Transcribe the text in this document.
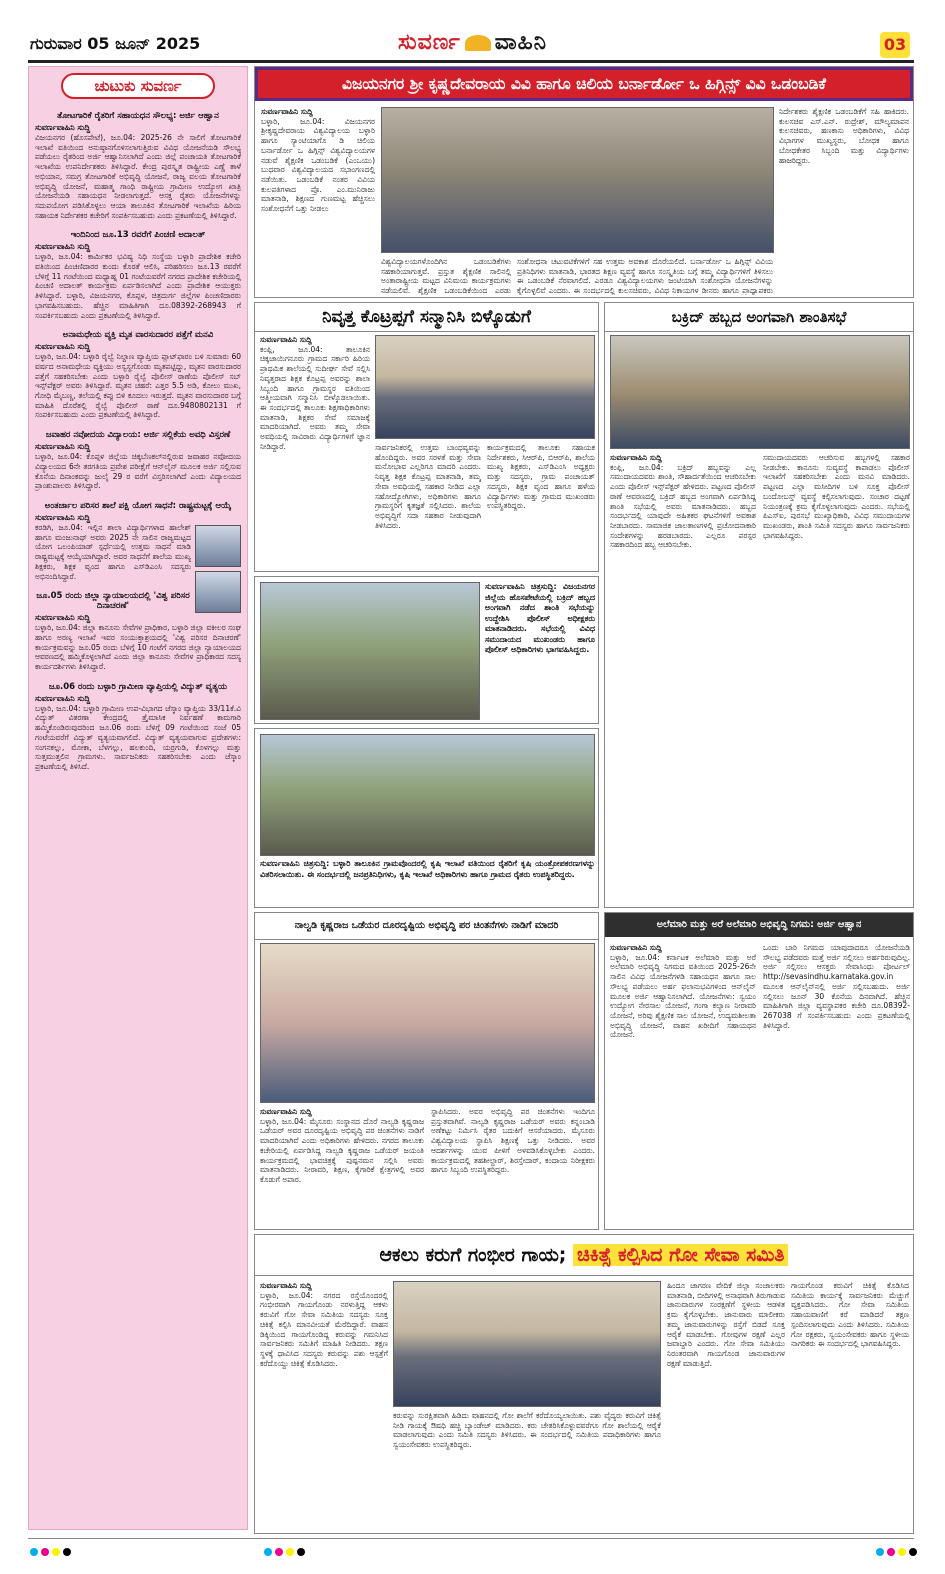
ಗುರುವಾರ 05 ಜೂನ್ 2025	ಸುವರ್ಣ ವಾಹಿನಿ	03
ಚುಟುಕು ಸುವರ್ಣ
ತೋಟಗಾರಿಕೆ ರೈತರಿಗೆ ಸಹಾಯಧನ ಸೌಲಭ್ಯ: ಅರ್ಜಿ ಆಹ್ವಾನ
ಸುವರ್ಣವಾಹಿನಿ ಸುದ್ದಿ
ವಿಜಯನಗರ (ಹೊಸಪೇಟೆ), ಜೂ.04: 2025-26 ನೇ ಸಾಲಿಗೆ ತೋಟಗಾರಿಕೆ ಇಲಾಖೆ ವತಿಯಿಂದ ಅನುಷ್ಠಾನಗೊಳಿಸಲಾಗುತ್ತಿರುವ ವಿವಿಧ ಯೋಜನೆಯಡಿ ಸೌಲಭ್ಯ ಪಡೆಯಲು ರೈತರಿಂದ ಅರ್ಜಿ ಆಹ್ವಾನಿಸಲಾಗಿದೆ ಎಂದು ಜಿಲ್ಲೆ ಪಂಚಾಯತಿ ತೋಟಗಾರಿಕೆ ಇಲಾಖೆಯ ಉಪನಿರ್ದೇಶಕರು ತಿಳಿಸಿದ್ದಾರೆ. ಕೇಂದ್ರ ಪುರಸ್ಕೃತ ರಾಷ್ಟ್ರೀಯ ಎಣ್ಣೆ ತಾಳೆ ಅಭಿಯಾನ, ಸಮಗ್ರ ತೋಟಗಾರಿಕೆ ಅಭಿವೃದ್ಧಿ ಯೋಜನೆ, ರಾಜ್ಯ ವಲಯ ತೋಟಗಾರಿಕೆ ಅಭಿವೃದ್ಧಿ ಯೋಜನೆ, ಮಹಾತ್ಮ ಗಾಂಧಿ ರಾಷ್ಟ್ರೀಯ ಗ್ರಾಮೀಣ ಉದ್ಯೋಗ ಖಾತ್ರಿ ಯೋಜನೆಯಡಿ ಸಹಾಯಧನ ನೀಡಲಾಗುತ್ತದೆ. ಆಸಕ್ತ ರೈತರು ಯೋಜನೆಗಳನ್ನು ಸದುಪಯೋಗ ಪಡಿಸಿಕೊಳ್ಳಲು ಆಯಾ ತಾಲೂಕಿನ ತೋಟಗಾರಿಕೆ ಇಲಾಖೆಯ ಹಿರಿಯ ಸಹಾಯಕ ನಿರ್ದೇಶಕರ ಕಚೇರಿಗೆ ಸಂಪರ್ಕಿಸಬಹುದು ಎಂದು ಪ್ರಕಟಣೆಯಲ್ಲಿ ತಿಳಿಸಿದ್ದಾರೆ.
ಇಂದಿನಿಂದ ಜೂ.13 ರವರೆಗೆ ಪಿಂಚಣಿ ಅದಾಲತ್
ಸುವರ್ಣವಾಹಿನಿ ಸುದ್ದಿ
ಬಳ್ಳಾರಿ, ಜೂ.04: ಕಾರ್ಮಿಕರ ಭವಿಷ್ಯ ನಿಧಿ ಸಂಸ್ಥೆಯ ಬಳ್ಳಾರಿ ಪ್ರಾದೇಶಿಕ ಕಚೇರಿ ವತಿಯಿಂದ ಪಿಂಚಣಿದಾರರ ಕುಂದು ಕೊರತೆ ಆಲಿಸಿ, ಪರಿಹರಿಸಲು ಜೂ.13 ರವರೆಗೆ ಬೆಳಿಗ್ಗೆ 11 ಗಂಟೆಯಿಂದ ಮಧ್ಯಾಹ್ನ 01 ಗಂಟೆಯವರೆಗೆ ನಗರದ ಪ್ರಾದೇಶಿಕ ಕಚೇರಿಯಲ್ಲಿ ಪಿಂಚಣಿ ಅದಾಲತ್ ಕಾರ್ಯಕ್ರಮ ಏರ್ಪಡಿಸಲಾಗಿದೆ ಎಂದು ಪ್ರಾದೇಶಿಕ ಆಯುಕ್ತರು ತಿಳಿಸಿದ್ದಾರೆ. ಬಳ್ಳಾರಿ, ವಿಜಯನಗರ, ಕೊಪ್ಪಳ, ಚಿತ್ರದುರ್ಗ ಜಿಲ್ಲೆಗಳ ಪಿಂಚಣಿದಾರರು ಭಾಗವಹಿಸಬಹುದು. ಹೆಚ್ಚಿನ ಮಾಹಿತಿಗಾಗಿ ದೂ.08392-268943 ಗೆ ಸಂಪರ್ಕಿಸಬಹುದು ಎಂದು ಪ್ರಕಟಣೆಯಲ್ಲಿ ತಿಳಿಸಿದ್ದಾರೆ.
ಅನಾಮಧೇಯ ವ್ಯಕ್ತಿ ಮೃತ ವಾರಸುದಾರರ ಪತ್ತೆಗೆ ಮನವಿ
ಸುವರ್ಣವಾಹಿನಿ ಸುದ್ದಿ
ಬಳ್ಳಾರಿ, ಜೂ.04: ಬಳ್ಳಾರಿ ರೈಲ್ವೆ ನಿಲ್ದಾಣ ವ್ಯಾಪ್ತಿಯ ಪ್ಲಾಟ್‌ಫಾರಂ ಬಳಿ ಸುಮಾರು 60 ವರ್ಷದ ಅನಾಮಧೇಯ ವ್ಯಕ್ತಿಯು ಅಸ್ವಸ್ಥಗೊಂಡು ಮೃತಪಟ್ಟಿದ್ದು, ಮೃತನ ವಾರಸುದಾರರ ಪತ್ತೆಗೆ ಸಹಕರಿಸಬೇಕು ಎಂದು ಬಳ್ಳಾರಿ ರೈಲ್ವೆ ಪೊಲೀಸ್ ಠಾಣೆಯ ಪೊಲೀಸ್ ಸಬ್ ಇನ್ಸ್‌ಪೆಕ್ಟರ್ ಅವರು ತಿಳಿಸಿದ್ದಾರೆ. ಮೃತನ ಚಹರೆ: ಎತ್ತರ 5.5 ಅಡಿ, ಕೋಲು ಮುಖ, ಗೋಧಿ ಮೈಬಣ್ಣ, ತಲೆಯಲ್ಲಿ ಕಪ್ಪು ಬಿಳಿ ಕೂದಲು ಇರುತ್ತದೆ. ಮೃತನ ವಾರಸುದಾರರ ಬಗ್ಗೆ ಮಾಹಿತಿ ದೊರೆತಲ್ಲಿ ರೈಲ್ವೆ ಪೊಲೀಸ್ ಠಾಣೆ ದೂ.9480802131 ಗೆ ಸಂಪರ್ಕಿಸಬಹುದು ಎಂದು ಪ್ರಕಟಣೆಯಲ್ಲಿ ತಿಳಿಸಿದ್ದಾರೆ.
ಜವಾಹರ ನವೋದಯ ವಿದ್ಯಾಲಯ: ಅರ್ಜಿ ಸಲ್ಲಿಕೆಯ ಅವಧಿ ವಿಸ್ತರಣೆ
ಸುವರ್ಣವಾಹಿನಿ ಸುದ್ದಿ
ಬಳ್ಳಾರಿ, ಜೂ.04: ಕೊಪ್ಪಳ ಜಿಲ್ಲೆಯ ಚಿಕ್ಕಬೆಣಕಲ್‌ನಲ್ಲಿರುವ ಜವಾಹರ ನವೋದಯ ವಿದ್ಯಾಲಯದ 6ನೇ ತರಗತಿಯ ಪ್ರವೇಶ ಪರೀಕ್ಷೆಗೆ ಆನ್‌ಲೈನ್ ಮೂಲಕ ಅರ್ಜಿ ಸಲ್ಲಿಸುವ ಕೊನೆಯ ದಿನಾಂಕವನ್ನು ಜುಲೈ 29 ರ ವರೆಗೆ ವಿಸ್ತರಿಸಲಾಗಿದೆ ಎಂದು ವಿದ್ಯಾಲಯದ ಪ್ರಾಂಶುಪಾಲರು ತಿಳಿಸಿದ್ದಾರೆ.
ಅಂತರ್ಜಾಲ ಪರಿಸರ ಶಾಲೆ ಪಕ್ಷಿ ಯೋಗ ಸಾಧನೆ: ರಾಷ್ಟ್ರಮಟ್ಟಕ್ಕೆ ಆಯ್ಕೆ
ಸುವರ್ಣವಾಹಿನಿ ಸುದ್ದಿ
ಕರಡಿಗಿ, ಜೂ.04: ಇಲ್ಲಿನ ಶಾಲಾ ವಿದ್ಯಾರ್ಥಿಗಳಾದ ಹಾಲೇಶ್ ಹಾಗೂ ಮಂಜುನಾಥ್ ಅವರು 2025 ನೇ ಸಾಲಿನ ರಾಜ್ಯಮಟ್ಟದ ಯೋಗ ಒಲಂಪಿಯಾಡ್ ಸ್ಪರ್ಧೆಯಲ್ಲಿ ಉತ್ತಮ ಸಾಧನೆ ಮಾಡಿ ರಾಷ್ಟ್ರಮಟ್ಟಕ್ಕೆ ಆಯ್ಕೆಯಾಗಿದ್ದಾರೆ. ಅವರ ಸಾಧನೆಗೆ ಶಾಲೆಯ ಮುಖ್ಯ ಶಿಕ್ಷಕರು, ಶಿಕ್ಷಕ ವೃಂದ ಹಾಗೂ ಎಸ್‌ಡಿಎಂಸಿ ಸದಸ್ಯರು ಅಭಿನಂದಿಸಿದ್ದಾರೆ.
ಜೂ.05 ರಂದು ಜಿಲ್ಲಾ ನ್ಯಾಯಾಲಯದಲ್ಲಿ 'ವಿಶ್ವ ಪರಿಸರ ದಿನಾಚರಣೆ'
ಸುವರ್ಣವಾಹಿನಿ ಸುದ್ದಿ
ಬಳ್ಳಾರಿ, ಜೂ.04: ಜಿಲ್ಲಾ ಕಾನೂನು ಸೇವೆಗಳ ಪ್ರಾಧಿಕಾರ, ಬಳ್ಳಾರಿ ಜಿಲ್ಲಾ ವಕೀಲರ ಸಂಘ ಹಾಗೂ ಅರಣ್ಯ ಇಲಾಖೆ ಇವರ ಸಂಯುಕ್ತಾಶ್ರಯದಲ್ಲಿ 'ವಿಶ್ವ ಪರಿಸರ ದಿನಾಚರಣೆ' ಕಾರ್ಯಕ್ರಮವನ್ನು ಜೂ.05 ರಂದು ಬೆಳಿಗ್ಗೆ 10 ಗಂಟೆಗೆ ನಗರದ ಜಿಲ್ಲಾ ನ್ಯಾಯಾಲಯದ ಆವರಣದಲ್ಲಿ ಹಮ್ಮಿಕೊಳ್ಳಲಾಗಿದೆ ಎಂದು ಜಿಲ್ಲಾ ಕಾನೂನು ಸೇವೆಗಳ ಪ್ರಾಧಿಕಾರದ ಸದಸ್ಯ ಕಾರ್ಯದರ್ಶಿಗಳು ತಿಳಿಸಿದ್ದಾರೆ.
ಜೂ.06 ರಂದು ಬಳ್ಳಾರಿ ಗ್ರಾಮೀಣ ವ್ಯಾಪ್ತಿಯಲ್ಲಿ ವಿದ್ಯುತ್ ವ್ಯತ್ಯಯ
ಸುವರ್ಣವಾಹಿನಿ ಸುದ್ದಿ
ಬಳ್ಳಾರಿ, ಜೂ.04: ಬಳ್ಳಾರಿ ಗ್ರಾಮೀಣ ಉಪ-ವಿಭಾಗದ ಜೆಸ್ಕಾಂ ವ್ಯಾಪ್ತಿಯ 33/11ಕೆ.ವಿ ವಿದ್ಯುತ್ ವಿತರಣಾ ಕೇಂದ್ರದಲ್ಲಿ ತ್ರೈಮಾಸಿಕ ನಿರ್ವಹಣೆ ಕಾಮಗಾರಿ ಹಮ್ಮಿಕೊಂಡಿರುವುದರಿಂದ ಜೂ.06 ರಂದು ಬೆಳಿಗ್ಗೆ 09 ಗಂಟೆಯಿಂದ ಸಂಜೆ 05 ಗಂಟೆಯವರೆಗೆ ವಿದ್ಯುತ್ ವ್ಯತ್ಯಯವಾಗಲಿದೆ. ವಿದ್ಯುತ್ ವ್ಯತ್ಯಯವಾಗುವ ಪ್ರದೇಶಗಳು: ಸಂಗನಕಲ್ಲು, ಮೋಕಾ, ಬೆಳಗಲ್ಲು, ಹಲಕುಂದಿ, ಯರ್ರಗುಡಿ, ಕೊಳಗಲ್ಲು ಮತ್ತು ಸುತ್ತಮುತ್ತಲಿನ ಗ್ರಾಮಗಳು. ಸಾರ್ವಜನಿಕರು ಸಹಕರಿಸಬೇಕು ಎಂದು ಜೆಸ್ಕಾಂ ಪ್ರಕಟಣೆಯಲ್ಲಿ ತಿಳಿಸಿದೆ.
ವಿಜಯನಗರ ಶ್ರೀ ಕೃಷ್ಣದೇವರಾಯ ವಿವಿ ಹಾಗೂ ಚಿಲಿಯ ಬರ್ನಾರ್ಡೋ ಒ ಹಿಗ್ಗಿನ್ಸ್ ವಿವಿ ಒಡಂಬಡಿಕೆ
ಸುವರ್ಣವಾಹಿನಿ ಸುದ್ದಿ
ಬಳ್ಳಾರಿ, ಜೂ.04: ವಿಜಯನಗರ ಶ್ರೀಕೃಷ್ಣದೇವರಾಯ ವಿಶ್ವವಿದ್ಯಾಲಯ ಬಳ್ಳಾರಿ ಹಾಗೂ ಸ್ಯಾಂಟಿಯಾಗೊ ಡಿ ಚಿಲಿಯ ಬರ್ನಾರ್ಡೋ ಒ ಹಿಗ್ಗಿನ್ಸ್ ವಿಶ್ವವಿದ್ಯಾಲಯಗಳ ನಡುವೆ ಶೈಕ್ಷಣಿಕ ಒಡಂಬಡಿಕೆ (ಎಂಒಯು) ಬುಧವಾರ ವಿಶ್ವವಿದ್ಯಾಲಯದ ಸಭಾಂಗಣದಲ್ಲಿ ನಡೆಯಿತು. ಒಡಂಬಡಿಕೆ ನಂತರ ವಿವಿಯ ಕುಲಪತಿಗಳಾದ ಪ್ರೊ. ಎಂ.ಮುನಿರಾಜು ಮಾತನಾಡಿ, ಶಿಕ್ಷಣದ ಗುಣಮಟ್ಟ ಹೆಚ್ಚಿಸಲು ಸಂಶೋಧನೆಗೆ ಒತ್ತು ನೀಡಲು
ವಿಶ್ವವಿದ್ಯಾಲಯಗಳೊಂದಿಗಿನ ಒಡಂಬಡಿಕೆಗಳು ಸಹಕಾರಿಯಾಗುತ್ತವೆ. ಪ್ರಸ್ತುತ ಶೈಕ್ಷಣಿಕ ಸಾಲಿನಲ್ಲಿ ಅಂತಾರಾಷ್ಟ್ರೀಯ ಮಟ್ಟದ ವಿನಿಮಯ ಕಾರ್ಯಕ್ರಮಗಳು ನಡೆಯಲಿವೆ. ಶೈಕ್ಷಣಿಕ ಒಡಂಬಡಿಕೆಯಿಂದ ಎರಡು
ಸಂಶೋಧನಾ ಚಟುವಟಿಕೆಗಳಿಗೆ ಸಹ ಉತ್ತಮ ಅವಕಾಶ ದೊರೆಯಲಿದೆ. ಬರ್ನಾರ್ಡೋ ಒ ಹಿಗ್ಗಿನ್ಸ್ ವಿವಿಯ ಪ್ರತಿನಿಧಿಗಳು ಮಾತನಾಡಿ, ಭಾರತದ ಶಿಕ್ಷಣ ವ್ಯವಸ್ಥೆ ಹಾಗೂ ಸಂಸ್ಕೃತಿಯ ಬಗ್ಗೆ ತಮ್ಮ ವಿದ್ಯಾರ್ಥಿಗಳಿಗೆ ತಿಳಿಸಲು ಈ ಒಡಂಬಡಿಕೆ ನೆರವಾಗಲಿದೆ. ಎರಡೂ ವಿಶ್ವವಿದ್ಯಾಲಯಗಳು ಜಂಟಿಯಾಗಿ ಸಂಶೋಧನಾ ಯೋಜನೆಗಳನ್ನು ಕೈಗೊಳ್ಳಲಿವೆ ಎಂದರು. ಈ ಸಂದರ್ಭದಲ್ಲಿ ಕುಲಸಚಿವರು, ವಿವಿಧ ನಿಕಾಯಗಳ ಡೀನರು ಹಾಗೂ ಪ್ರಾಧ್ಯಾಪಕರು
ನಿರ್ದೇಶಕರು ಶೈಕ್ಷಣಿಕ ಒಡಂಬಡಿಕೆಗೆ ಸಹಿ ಹಾಕಿದರು. ಕುಲಸಚಿವ ಎಸ್.ಎನ್. ರುದ್ರೇಶ್, ಮೌಲ್ಯಮಾಪನ ಕುಲಸಚಿವರು, ಹಣಕಾಸು ಅಧಿಕಾರಿಗಳು, ವಿವಿಧ ವಿಭಾಗಗಳ ಮುಖ್ಯಸ್ಥರು, ಬೋಧಕ ಹಾಗೂ ಬೋಧಕೇತರ ಸಿಬ್ಬಂದಿ ಮತ್ತು ವಿದ್ಯಾರ್ಥಿಗಳು ಹಾಜರಿದ್ದರು.
ನಿವೃತ್ತ ಕೊಟ್ರಪ್ಪಗೆ ಸನ್ಮಾನಿಸಿ ಬಿಳ್ಕೊಡುಗೆ
ಸುವರ್ಣವಾಹಿನಿ ಸುದ್ದಿ
ಕಂಪ್ಲಿ, ಜೂ.04: ತಾಲೂಕಿನ ಚಿಕ್ಕಜಾಯಿಗನೂರು ಗ್ರಾಮದ ಸರ್ಕಾರಿ ಹಿರಿಯ ಪ್ರಾಥಮಿಕ ಶಾಲೆಯಲ್ಲಿ ಸುದೀರ್ಘ ಸೇವೆ ಸಲ್ಲಿಸಿ ನಿವೃತ್ತರಾದ ಶಿಕ್ಷಕ ಕೊಟ್ರಪ್ಪ ಅವರನ್ನು ಶಾಲಾ ಸಿಬ್ಬಂದಿ ಹಾಗೂ ಗ್ರಾಮಸ್ಥರ ವತಿಯಿಂದ ಆತ್ಮೀಯವಾಗಿ ಸನ್ಮಾನಿಸಿ ಬೀಳ್ಕೊಡಲಾಯಿತು. ಈ ಸಂದರ್ಭದಲ್ಲಿ ತಾಲೂಕು ಶಿಕ್ಷಣಾಧಿಕಾರಿಗಳು ಮಾತನಾಡಿ, ಶಿಕ್ಷಕರ ಸೇವೆ ಸಮಾಜಕ್ಕೆ ಮಾದರಿಯಾಗಿದೆ. ಅವರು ತಮ್ಮ ಸೇವಾ ಅವಧಿಯಲ್ಲಿ ಸಾವಿರಾರು ವಿದ್ಯಾರ್ಥಿಗಳಿಗೆ ಜ್ಞಾನ ನೀಡಿದ್ದಾರೆ.	ಸಾರ್ವಜನಿಕರಲ್ಲಿ ಉತ್ತಮ ಬಾಂಧವ್ಯವನ್ನು ಹೊಂದಿದ್ದರು. ಅವರ ಸರಳತೆ ಮತ್ತು ಸೇವಾ ಮನೋಭಾವ ಎಲ್ಲರಿಗೂ ಮಾದರಿ ಎಂದರು. ನಿವೃತ್ತ ಶಿಕ್ಷಕ ಕೊಟ್ರಪ್ಪ ಮಾತನಾಡಿ, ತಮ್ಮ ಸೇವಾ ಅವಧಿಯಲ್ಲಿ ಸಹಕಾರ ನೀಡಿದ ಎಲ್ಲಾ ಸಹೋದ್ಯೋಗಿಗಳು, ಅಧಿಕಾರಿಗಳು ಹಾಗೂ ಗ್ರಾಮಸ್ಥರಿಗೆ ಕೃತಜ್ಞತೆ ಸಲ್ಲಿಸಿದರು. ಶಾಲೆಯ ಅಭಿವೃದ್ಧಿಗೆ ಸದಾ ಸಹಕಾರ ನೀಡುವುದಾಗಿ ತಿಳಿಸಿದರು.
ಕಾರ್ಯಕ್ರಮದಲ್ಲಿ ತಾಲೂಕು ಸಹಾಯಕ ನಿರ್ದೇಶಕರು, ಸಿಆರ್‌ಪಿ, ಬಿಆರ್‌ಪಿ, ಶಾಲೆಯ ಮುಖ್ಯ ಶಿಕ್ಷಕರು, ಎಸ್‌ಡಿಎಂಸಿ ಅಧ್ಯಕ್ಷರು ಮತ್ತು ಸದಸ್ಯರು, ಗ್ರಾಮ ಪಂಚಾಯತ್ ಸದಸ್ಯರು, ಶಿಕ್ಷಕ ವೃಂದ ಹಾಗೂ ಹಳೆಯ ವಿದ್ಯಾರ್ಥಿಗಳು ಮತ್ತು ಗ್ರಾಮದ ಮುಖಂಡರು ಉಪಸ್ಥಿತರಿದ್ದರು.
ಬಕ್ರಿದ್ ಹಬ್ಬದ ಅಂಗವಾಗಿ ಶಾಂತಿಸಭೆ
ಸುವರ್ಣವಾಹಿನಿ ಸುದ್ದಿ
ಕಂಪ್ಲಿ, ಜೂ.04: ಬಕ್ರಿದ್ ಹಬ್ಬವನ್ನು ಎಲ್ಲ ಸಮುದಾಯದವರು ಶಾಂತಿ, ಸೌಹಾರ್ದತೆಯಿಂದ ಆಚರಿಸಬೇಕು ಎಂದು ಪೊಲೀಸ್ ಇನ್ಸ್‌ಪೆಕ್ಟರ್ ಹೇಳಿದರು. ಪಟ್ಟಣದ ಪೊಲೀಸ್ ಠಾಣೆ ಆವರಣದಲ್ಲಿ ಬಕ್ರಿದ್ ಹಬ್ಬದ ಅಂಗವಾಗಿ ಏರ್ಪಡಿಸಿದ್ದ ಶಾಂತಿ ಸಭೆಯಲ್ಲಿ ಅವರು ಮಾತನಾಡಿದರು. ಹಬ್ಬದ ಸಂದರ್ಭದಲ್ಲಿ ಯಾವುದೇ ಅಹಿತಕರ ಘಟನೆಗಳಿಗೆ ಅವಕಾಶ ನೀಡಬಾರದು. ಸಾಮಾಜಿಕ ಜಾಲತಾಣಗಳಲ್ಲಿ ಪ್ರಚೋದನಾಕಾರಿ ಸಂದೇಶಗಳನ್ನು ಹರಡಬಾರದು. ಎಲ್ಲರೂ ಪರಸ್ಪರ ಸಹಕಾರದಿಂದ ಹಬ್ಬ ಆಚರಿಸಬೇಕು.
ಸಮುದಾಯದವರು ಆಚರಿಸುವ ಹಬ್ಬಗಳಲ್ಲಿ ಸಹಕಾರ ನೀಡಬೇಕು. ಕಾನೂನು ಸುವ್ಯವಸ್ಥೆ ಕಾಪಾಡಲು ಪೊಲೀಸ್ ಇಲಾಖೆಗೆ ಸಹಕರಿಸಬೇಕು ಎಂದು ಮನವಿ ಮಾಡಿದರು. ಪಟ್ಟಣದ ಎಲ್ಲಾ ಮಸೀದಿಗಳ ಬಳಿ ಸೂಕ್ತ ಪೊಲೀಸ್ ಬಂದೋಬಸ್ತ್ ವ್ಯವಸ್ಥೆ ಕಲ್ಪಿಸಲಾಗುವುದು. ಸಂಚಾರ ದಟ್ಟಣೆ ನಿಯಂತ್ರಣಕ್ಕೆ ಕ್ರಮ ಕೈಗೊಳ್ಳಲಾಗುವುದು ಎಂದರು. ಸಭೆಯಲ್ಲಿ ಪಿಎಸ್‌ಐ, ಪುರಸಭೆ ಮುಖ್ಯಾಧಿಕಾರಿ, ವಿವಿಧ ಸಮುದಾಯಗಳ ಮುಖಂಡರು, ಶಾಂತಿ ಸಮಿತಿ ಸದಸ್ಯರು ಹಾಗೂ ಸಾರ್ವಜನಿಕರು ಭಾಗವಹಿಸಿದ್ದರು.
ಸುವರ್ಣವಾಹಿನಿ ಚಿತ್ರಸುದ್ದಿ: ವಿಜಯನಗರ ಜಿಲ್ಲೆಯ ಹೊಸಪೇಟೆಯಲ್ಲಿ ಬಕ್ರಿದ್ ಹಬ್ಬದ ಅಂಗವಾಗಿ ನಡೆದ ಶಾಂತಿ ಸಭೆಯನ್ನು ಉದ್ದೇಶಿಸಿ ಪೊಲೀಸ್ ಅಧೀಕ್ಷಕರು ಮಾತನಾಡಿದರು. ಸಭೆಯಲ್ಲಿ ವಿವಿಧ ಸಮುದಾಯದ ಮುಖಂಡರು ಹಾಗೂ ಪೊಲೀಸ್ ಅಧಿಕಾರಿಗಳು ಭಾಗವಹಿಸಿದ್ದರು.
ಸುವರ್ಣವಾಹಿನಿ ಚಿತ್ರಸುದ್ದಿ: ಬಳ್ಳಾರಿ ತಾಲೂಕಿನ ಗ್ರಾಮವೊಂದರಲ್ಲಿ ಕೃಷಿ ಇಲಾಖೆ ವತಿಯಿಂದ ರೈತರಿಗೆ ಕೃಷಿ ಯಂತ್ರೋಪಕರಣಗಳನ್ನು ವಿತರಿಸಲಾಯಿತು. ಈ ಸಂದರ್ಭದಲ್ಲಿ ಜನಪ್ರತಿನಿಧಿಗಳು, ಕೃಷಿ ಇಲಾಖೆ ಅಧಿಕಾರಿಗಳು ಹಾಗೂ ಗ್ರಾಮದ ರೈತರು ಉಪಸ್ಥಿತರಿದ್ದರು.
ನಾಲ್ವಡಿ ಕೃಷ್ಣರಾಜ ಒಡೆಯರ ದೂರದೃಷ್ಟಿಯ ಅಭಿವೃದ್ಧಿ ಪರ ಚಿಂತನೆಗಳು ನಾಡಿಗೆ ಮಾದರಿ
ಸುವರ್ಣವಾಹಿನಿ ಸುದ್ದಿ
ಬಳ್ಳಾರಿ, ಜೂ.04: ಮೈಸೂರು ಸಂಸ್ಥಾನದ ದೊರೆ ನಾಲ್ವಡಿ ಕೃಷ್ಣರಾಜ ಒಡೆಯರ್ ಅವರ ದೂರದೃಷ್ಟಿಯ ಅಭಿವೃದ್ಧಿ ಪರ ಚಿಂತನೆಗಳು ನಾಡಿಗೆ ಮಾದರಿಯಾಗಿವೆ ಎಂದು ಅಧಿಕಾರಿಗಳು ಹೇಳಿದರು. ನಗರದ ತಾಲೂಕು ಕಚೇರಿಯಲ್ಲಿ ಏರ್ಪಡಿಸಿದ್ದ ನಾಲ್ವಡಿ ಕೃಷ್ಣರಾಜ ಒಡೆಯರ್ ಜಯಂತಿ ಕಾರ್ಯಕ್ರಮದಲ್ಲಿ ಭಾವಚಿತ್ರಕ್ಕೆ ಪುಷ್ಪನಮನ ಸಲ್ಲಿಸಿ ಅವರು ಮಾತನಾಡಿದರು. ನೀರಾವರಿ, ಶಿಕ್ಷಣ, ಕೈಗಾರಿಕೆ ಕ್ಷೇತ್ರಗಳಲ್ಲಿ ಅವರ ಕೊಡುಗೆ ಅಪಾರ.
ಸ್ಥಾಪಿಸಿದರು. ಅವರ ಅಭಿವೃದ್ಧಿ ಪರ ಚಿಂತನೆಗಳು ಇಂದಿಗೂ ಪ್ರಸ್ತುತವಾಗಿವೆ. ನಾಲ್ವಡಿ ಕೃಷ್ಣರಾಜ ಒಡೆಯರ್ ಅವರು ಕನ್ನಂಬಾಡಿ ಅಣೆಕಟ್ಟು ನಿರ್ಮಿಸಿ ರೈತರ ಬದುಕಿಗೆ ಆಸರೆಯಾದರು. ಮೈಸೂರು ವಿಶ್ವವಿದ್ಯಾಲಯ ಸ್ಥಾಪಿಸಿ ಶಿಕ್ಷಣಕ್ಕೆ ಒತ್ತು ನೀಡಿದರು. ಅವರ ಆದರ್ಶಗಳನ್ನು ಯುವ ಪೀಳಿಗೆ ಅಳವಡಿಸಿಕೊಳ್ಳಬೇಕು ಎಂದರು. ಕಾರ್ಯಕ್ರಮದಲ್ಲಿ ತಹಶೀಲ್ದಾರ್, ಶಿರಸ್ತೇದಾರ್, ಕಂದಾಯ ನಿರೀಕ್ಷಕರು ಹಾಗೂ ಸಿಬ್ಬಂದಿ ಉಪಸ್ಥಿತರಿದ್ದರು.
ಅಲೆಮಾರಿ ಮತ್ತು ಅರೆ ಅಲೆಮಾರಿ ಅಭಿವೃದ್ಧಿ ನಿಗಮ: ಅರ್ಜಿ ಆಹ್ವಾನ
ಸುವರ್ಣವಾಹಿನಿ ಸುದ್ದಿ
ಬಳ್ಳಾರಿ, ಜೂ.04: ಕರ್ನಾಟಕ ಅಲೆಮಾರಿ ಮತ್ತು ಅರೆ ಅಲೆಮಾರಿ ಅಭಿವೃದ್ಧಿ ನಿಗಮದ ವತಿಯಿಂದ 2025-26ನೇ ಸಾಲಿನ ವಿವಿಧ ಯೋಜನೆಗಳಡಿ ಸಹಾಯಧನ ಹಾಗೂ ಸಾಲ ಸೌಲಭ್ಯ ಪಡೆಯಲು ಅರ್ಹ ಫಲಾನುಭವಿಗಳಿಂದ ಆನ್‌ಲೈನ್ ಮೂಲಕ ಅರ್ಜಿ ಆಹ್ವಾನಿಸಲಾಗಿದೆ. ಯೋಜನೆಗಳು: ಸ್ವಯಂ ಉದ್ಯೋಗ ನೇರಸಾಲ ಯೋಜನೆ, ಗಂಗಾ ಕಲ್ಯಾಣ ನೀರಾವರಿ ಯೋಜನೆ, ಅರಿವು ಶೈಕ್ಷಣಿಕ ಸಾಲ ಯೋಜನೆ, ಉದ್ಯಮಶೀಲತಾ ಅಭಿವೃದ್ಧಿ ಯೋಜನೆ, ವಾಹನ ಖರೀದಿಗೆ ಸಹಾಯಧನ ಯೋಜನೆ.
ಒಂದು ಬಾರಿ ನಿಗಮದ ಯಾವುದಾದರೂ ಯೋಜನೆಯಡಿ ಸೌಲಭ್ಯ ಪಡೆದವರು ಮತ್ತೆ ಅರ್ಜಿ ಸಲ್ಲಿಸಲು ಅರ್ಹರಿರುವುದಿಲ್ಲ. ಅರ್ಜಿ ಸಲ್ಲಿಸಲು ಆಸಕ್ತರು ಸೇವಾಸಿಂಧು ಪೋರ್ಟಲ್ http://sevasindhu.karnataka.gov.in ಮೂಲಕ ಆನ್‌ಲೈನ್‌ನಲ್ಲಿ ಅರ್ಜಿ ಸಲ್ಲಿಸಬಹುದು. ಅರ್ಜಿ ಸಲ್ಲಿಸಲು ಜೂನ್ 30 ಕೊನೆಯ ದಿನವಾಗಿದೆ. ಹೆಚ್ಚಿನ ಮಾಹಿತಿಗಾಗಿ ಜಿಲ್ಲಾ ವ್ಯವಸ್ಥಾಪಕರ ಕಚೇರಿ ದೂ.08392-267038 ಗೆ ಸಂಪರ್ಕಿಸಬಹುದು ಎಂದು ಪ್ರಕಟಣೆಯಲ್ಲಿ ತಿಳಿಸಿದ್ದಾರೆ.
ಆಕಲು ಕರುಗೆ ಗಂಭೀರ ಗಾಯ; ಚಿಕಿತ್ಸೆ ಕಲ್ಪಿಸಿದ ಗೋ ಸೇವಾ ಸಮಿತಿ
ಸುವರ್ಣವಾಹಿನಿ ಸುದ್ದಿ
ಬಳ್ಳಾರಿ, ಜೂ.04: ನಗರದ ರಸ್ತೆಯೊಂದರಲ್ಲಿ ಗಂಭೀರವಾಗಿ ಗಾಯಗೊಂಡು ನರಳುತ್ತಿದ್ದ ಆಕಳು ಕರುವಿಗೆ ಗೋ ಸೇವಾ ಸಮಿತಿಯ ಸದಸ್ಯರು ಸೂಕ್ತ ಚಿಕಿತ್ಸೆ ಕಲ್ಪಿಸಿ ಮಾನವೀಯತೆ ಮೆರೆದಿದ್ದಾರೆ. ವಾಹನ ಡಿಕ್ಕಿಯಿಂದ ಗಾಯಗೊಂಡಿದ್ದ ಕರುವನ್ನು ಗಮನಿಸಿದ ಸಾರ್ವಜನಿಕರು ಸಮಿತಿಗೆ ಮಾಹಿತಿ ನೀಡಿದರು. ತಕ್ಷಣ ಸ್ಥಳಕ್ಕೆ ಧಾವಿಸಿದ ಸದಸ್ಯರು ಕರುವನ್ನು ಪಶು ಆಸ್ಪತ್ರೆಗೆ ಕರೆದೊಯ್ದು ಚಿಕಿತ್ಸೆ ಕೊಡಿಸಿದರು.
ಕರುವನ್ನು ಸುರಕ್ಷಿತವಾಗಿ ಹಿಡಿದು ವಾಹನದಲ್ಲಿ ಗೋ ಶಾಲೆಗೆ ಕರೆದೊಯ್ಯಲಾಯಿತು. ಪಶು ವೈದ್ಯರು ಕರುವಿಗೆ ಚಿಕಿತ್ಸೆ ನೀಡಿ ಗಾಯಕ್ಕೆ ಔಷಧಿ ಹಚ್ಚಿ ಬ್ಯಾಂಡೇಜ್ ಮಾಡಿದರು. ಕರು ಚೇತರಿಸಿಕೊಳ್ಳುವವರೆಗೂ ಗೋ ಶಾಲೆಯಲ್ಲಿ ಆರೈಕೆ ಮಾಡಲಾಗುವುದು ಎಂದು ಸಮಿತಿ ಸದಸ್ಯರು ತಿಳಿಸಿದರು. ಈ ಸಂದರ್ಭದಲ್ಲಿ ಸಮಿತಿಯ ಪದಾಧಿಕಾರಿಗಳು ಹಾಗೂ ಸ್ವಯಂಸೇವಕರು ಉಪಸ್ಥಿತರಿದ್ದರು.
ಹಿಂದೂ ಜಾಗರಣ ವೇದಿಕೆ ಜಿಲ್ಲಾ ಸಂಚಾಲಕರು ಮಾತನಾಡಿ, ಬೀದಿಗಳಲ್ಲಿ ಅನಾಥವಾಗಿ ತಿರುಗಾಡುವ ಜಾನುವಾರುಗಳ ಸಂರಕ್ಷಣೆಗೆ ಸ್ಥಳೀಯ ಆಡಳಿತ ಕ್ರಮ ಕೈಗೊಳ್ಳಬೇಕು. ಜಾನುವಾರು ಮಾಲೀಕರು ತಮ್ಮ ಜಾನುವಾರುಗಳನ್ನು ರಸ್ತೆಗೆ ಬಿಡದೆ ಸೂಕ್ತ ಆರೈಕೆ ಮಾಡಬೇಕು. ಗೋವುಗಳ ರಕ್ಷಣೆ ಎಲ್ಲರ ಜವಾಬ್ದಾರಿ ಎಂದರು. ಗೋ ಸೇವಾ ಸಮಿತಿಯು ನಿರಂತರವಾಗಿ ಗಾಯಗೊಂಡ ಜಾನುವಾರುಗಳ ರಕ್ಷಣೆ ಮಾಡುತ್ತಿದೆ.
ಗಾಯಗೊಂಡ ಕರುವಿಗೆ ಚಿಕಿತ್ಸೆ ಕೊಡಿಸಿದ ಸಮಿತಿಯ ಕಾರ್ಯಕ್ಕೆ ಸಾರ್ವಜನಿಕರು ಮೆಚ್ಚುಗೆ ವ್ಯಕ್ತಪಡಿಸಿದರು. ಗೋ ಸೇವಾ ಸಮಿತಿಯ ಸಹಾಯವಾಣಿಗೆ ಕರೆ ಮಾಡಿದರೆ ತಕ್ಷಣ ಸ್ಪಂದಿಸಲಾಗುವುದು ಎಂದು ತಿಳಿಸಿದರು. ಸಮಿತಿಯ ಗೋ ರಕ್ಷಕರು, ಸ್ವಯಂಸೇವಕರು ಹಾಗೂ ಸ್ಥಳೀಯ ನಾಗರಿಕರು ಈ ಸಂದರ್ಭದಲ್ಲಿ ಭಾಗವಹಿಸಿದ್ದರು.
